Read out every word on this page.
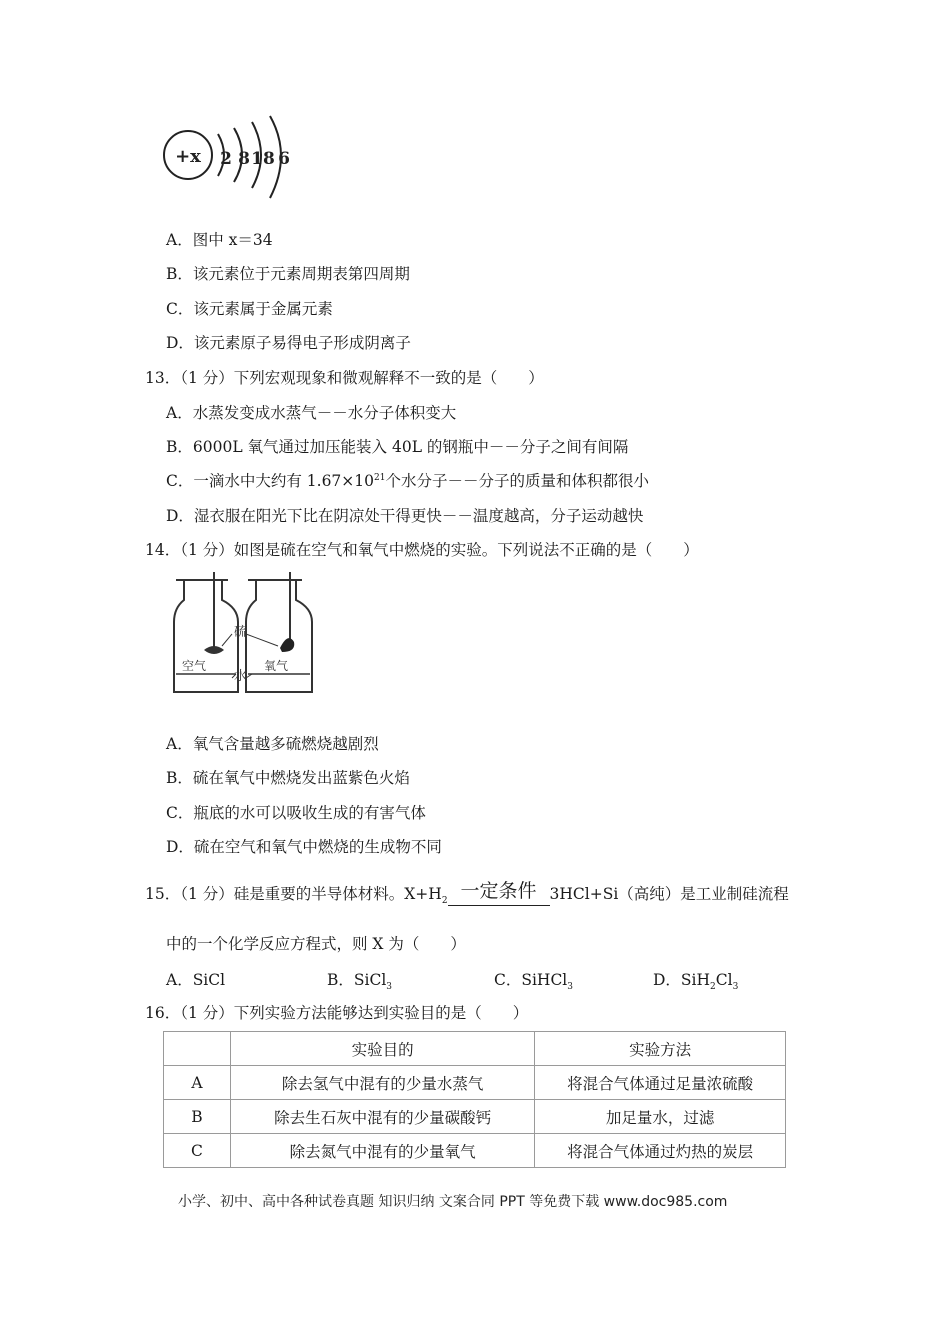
+x 2 8 18 6
A．图中 x＝34
B．该元素位于元素周期表第四周期
C．该元素属于金属元素
D．该元素原子易得电子形成阴离子
13．（1 分）下列宏观现象和微观解释不一致的是（　　）
A．水蒸发变成水蒸气－－水分子体积变大
B．6000L 氧气通过加压能装入 40L 的钢瓶中－－分子之间有间隔
C．一滴水中大约有 $1.67\times 10^{21}$个水分子－－分子的质量和体积都很小
D．湿衣服在阳光下比在阴凉处干得更快－－温度越高，分子运动越快
14．（1 分）如图是硫在空气和氧气中燃烧的实验。下列说法不正确的是（　　）
硫
空气	氧气
水
A．氧气含量越多硫燃烧越剧烈
B．硫在氧气中燃烧发出蓝紫色火焰
C．瓶底的水可以吸收生成的有害气体
D．硫在空气和氧气中燃烧的生成物不同
15．（1 分）硅是重要的半导体材料。$X+H_2$ 一定条件 3HCl+Si（高纯）是工业制硅流程
中的一个化学反应方程式，则 X 为（　　）
A．SiCl	B．SiCl$_3$	C．SiHCl$_3$	D．$SiH_2Cl_3$
16．（1 分）下列实验方法能够达到实验目的是（　　）
	实验目的	实验方法
A	除去氢气中混有的少量水蒸气	将混合气体通过足量浓硫酸
B	除去生石灰中混有的少量碳酸钙	加足量水，过滤
C	除去氮气中混有的少量氧气	将混合气体通过灼热的炭层
小学、初中、高中各种试卷真题 知识归纳 文案合同 PPT 等免费下载 www.doc985.com
